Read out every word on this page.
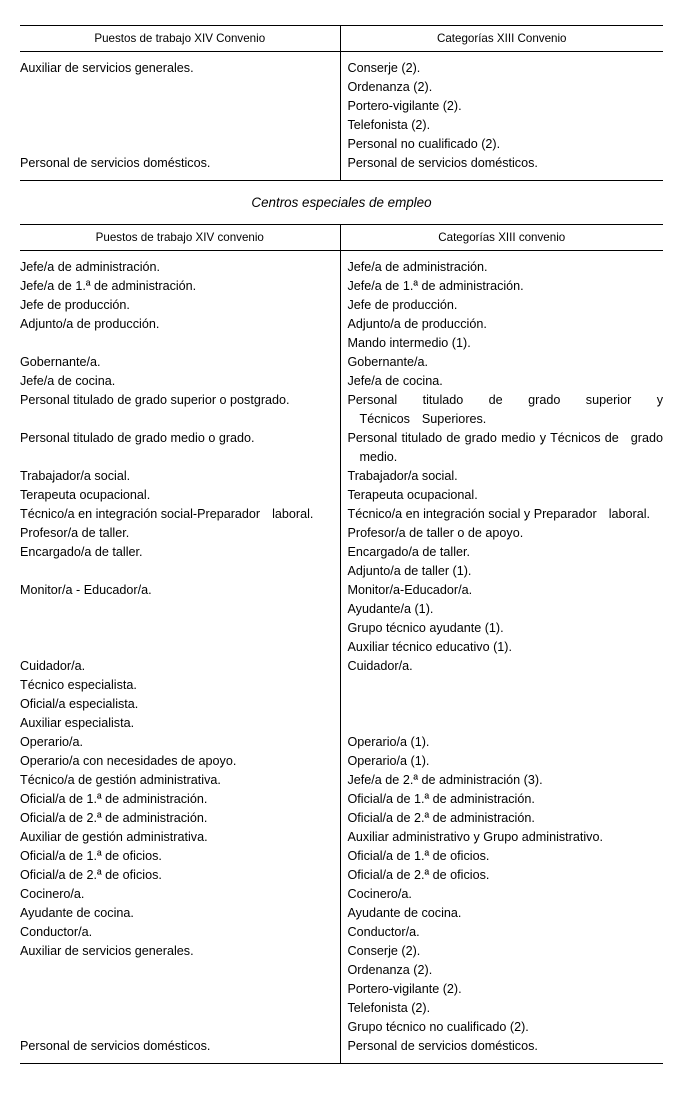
Puestos de trabajo XIV Convenio	Categorías XIII Convenio

Auxiliar de servicios generales.	Conserje (2).

	Ordenanza (2).

	Portero-vigilante (2).

	Telefonista (2).

	Personal no cualificado (2).

Personal de servicios domésticos.	Personal de servicios domésticos.
Centros especiales de empleo
Puestos de trabajo XIV convenio	Categorías XIII convenio

Jefe/a de administración.	Jefe/a de administración.

Jefe/a de 1.ª de administración.	Jefe/a de 1.ª de administración.

Jefe de producción.	Jefe de producción.

Adjunto/a de producción.	Adjunto/a de producción.

	Mando intermedio (1).

Gobernante/a.	Gobernante/a.

Jefe/a de cocina.	Jefe/a de cocina.

Personal titulado de grado superior o postgrado.	Personal titulado de grado superior y Técnicos Superiores.

Personal titulado de grado medio o grado.	Personal titulado de grado medio y Técnicos de grado medio.

Trabajador/a social.	Trabajador/a social.

Terapeuta ocupacional.	Terapeuta ocupacional.

Técnico/a en integración social-Preparador laboral.	Técnico/a en integración social y Preparador laboral.

Profesor/a de taller.	Profesor/a de taller o de apoyo.

Encargado/a de taller.	Encargado/a de taller.

	Adjunto/a de taller (1).

Monitor/a - Educador/a.	Monitor/a-Educador/a.

	Ayudante/a (1).

	Grupo técnico ayudante (1).

	Auxiliar técnico educativo (1).

Cuidador/a.	Cuidador/a.

Técnico especialista.	

Oficial/a especialista.	

Auxiliar especialista.	

Operario/a.	Operario/a (1).

Operario/a con necesidades de apoyo.	Operario/a (1).

Técnico/a de gestión administrativa.	Jefe/a de 2.ª de administración (3).

Oficial/a de 1.ª de administración.	Oficial/a de 1.ª de administración.

Oficial/a de 2.ª de administración.	Oficial/a de 2.ª de administración.

Auxiliar de gestión administrativa.	Auxiliar administrativo y Grupo administrativo.

Oficial/a de 1.ª de oficios.	Oficial/a de 1.ª de oficios.

Oficial/a de 2.ª de oficios.	Oficial/a de 2.ª de oficios.

Cocinero/a.	Cocinero/a.

Ayudante de cocina.	Ayudante de cocina.

Conductor/a.	Conductor/a.

Auxiliar de servicios generales.	Conserje (2).

	Ordenanza (2).

	Portero-vigilante (2).

	Telefonista (2).

	Grupo técnico no cualificado (2).

Personal de servicios domésticos.	Personal de servicios domésticos.
